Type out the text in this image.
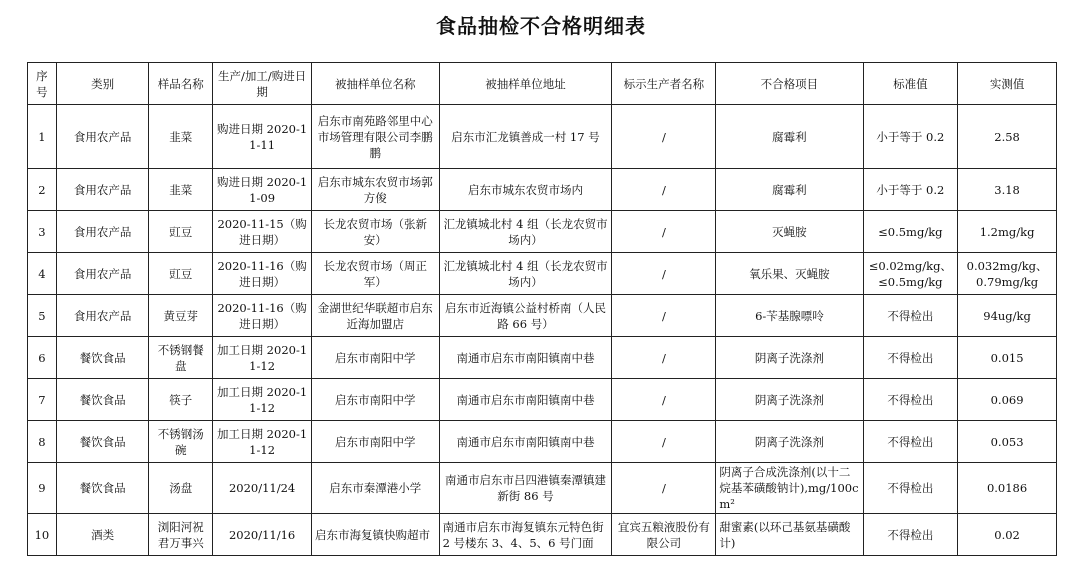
食品抽检不合格明细表
序号	类别	样品名称	生产/加工/购进日期	被抽样单位名称	被抽样单位地址	标示生产者名称	不合格项目	标准值	实测值
1	食用农产品	韭菜	购进日期 2020-11-11	启东市南苑路邻里中心市场管理有限公司李鹏鹏	启东市汇龙镇善成一村 17 号	/	腐霉利	小于等于 0.2	2.58
2	食用农产品	韭菜	购进日期 2020-11-09	启东市城东农贸市场郭方俊	启东市城东农贸市场内	/	腐霉利	小于等于 0.2	3.18
3	食用农产品	豇豆	2020-11-15（购进日期）	长龙农贸市场（张新安）	汇龙镇城北村 4 组（长龙农贸市场内）	/	灭蝇胺	≤0.5mg/kg	1.2mg/kg
4	食用农产品	豇豆	2020-11-16（购进日期）	长龙农贸市场（周正军）	汇龙镇城北村 4 组（长龙农贸市场内）	/	氧乐果、灭蝇胺	≤0.02mg/kg、≤0.5mg/kg	0.032mg/kg、0.79mg/kg
5	食用农产品	黄豆芽	2020-11-16（购进日期）	金湖世纪华联超市启东近海加盟店	启东市近海镇公益村桥南（人民路 66 号）	/	6-苄基腺嘌呤	不得检出	94ug/kg
6	餐饮食品	不锈钢餐盘	加工日期 2020-11-12	启东市南阳中学	南通市启东市南阳镇南中巷	/	阴离子洗涤剂	不得检出	0.015
7	餐饮食品	筷子	加工日期 2020-11-12	启东市南阳中学	南通市启东市南阳镇南中巷	/	阴离子洗涤剂	不得检出	0.069
8	餐饮食品	不锈钢汤碗	加工日期 2020-11-12	启东市南阳中学	南通市启东市南阳镇南中巷	/	阴离子洗涤剂	不得检出	0.053
9	餐饮食品	汤盘	2020/11/24	启东市秦潭港小学	南通市启东市吕四港镇秦潭镇建新街 86 号	/	阴离子合成洗涤剂(以十二烷基苯磺酸钠计),mg/100cm²	不得检出	0.0186
10	酒类	浏阳河祝君万事兴	2020/11/16	启东市海复镇快购超市	南通市启东市海复镇东元特色街 2 号楼东 3、4、5、6 号门面	宜宾五粮液股份有限公司	甜蜜素(以环己基氨基磺酸计)	不得检出	0.02
